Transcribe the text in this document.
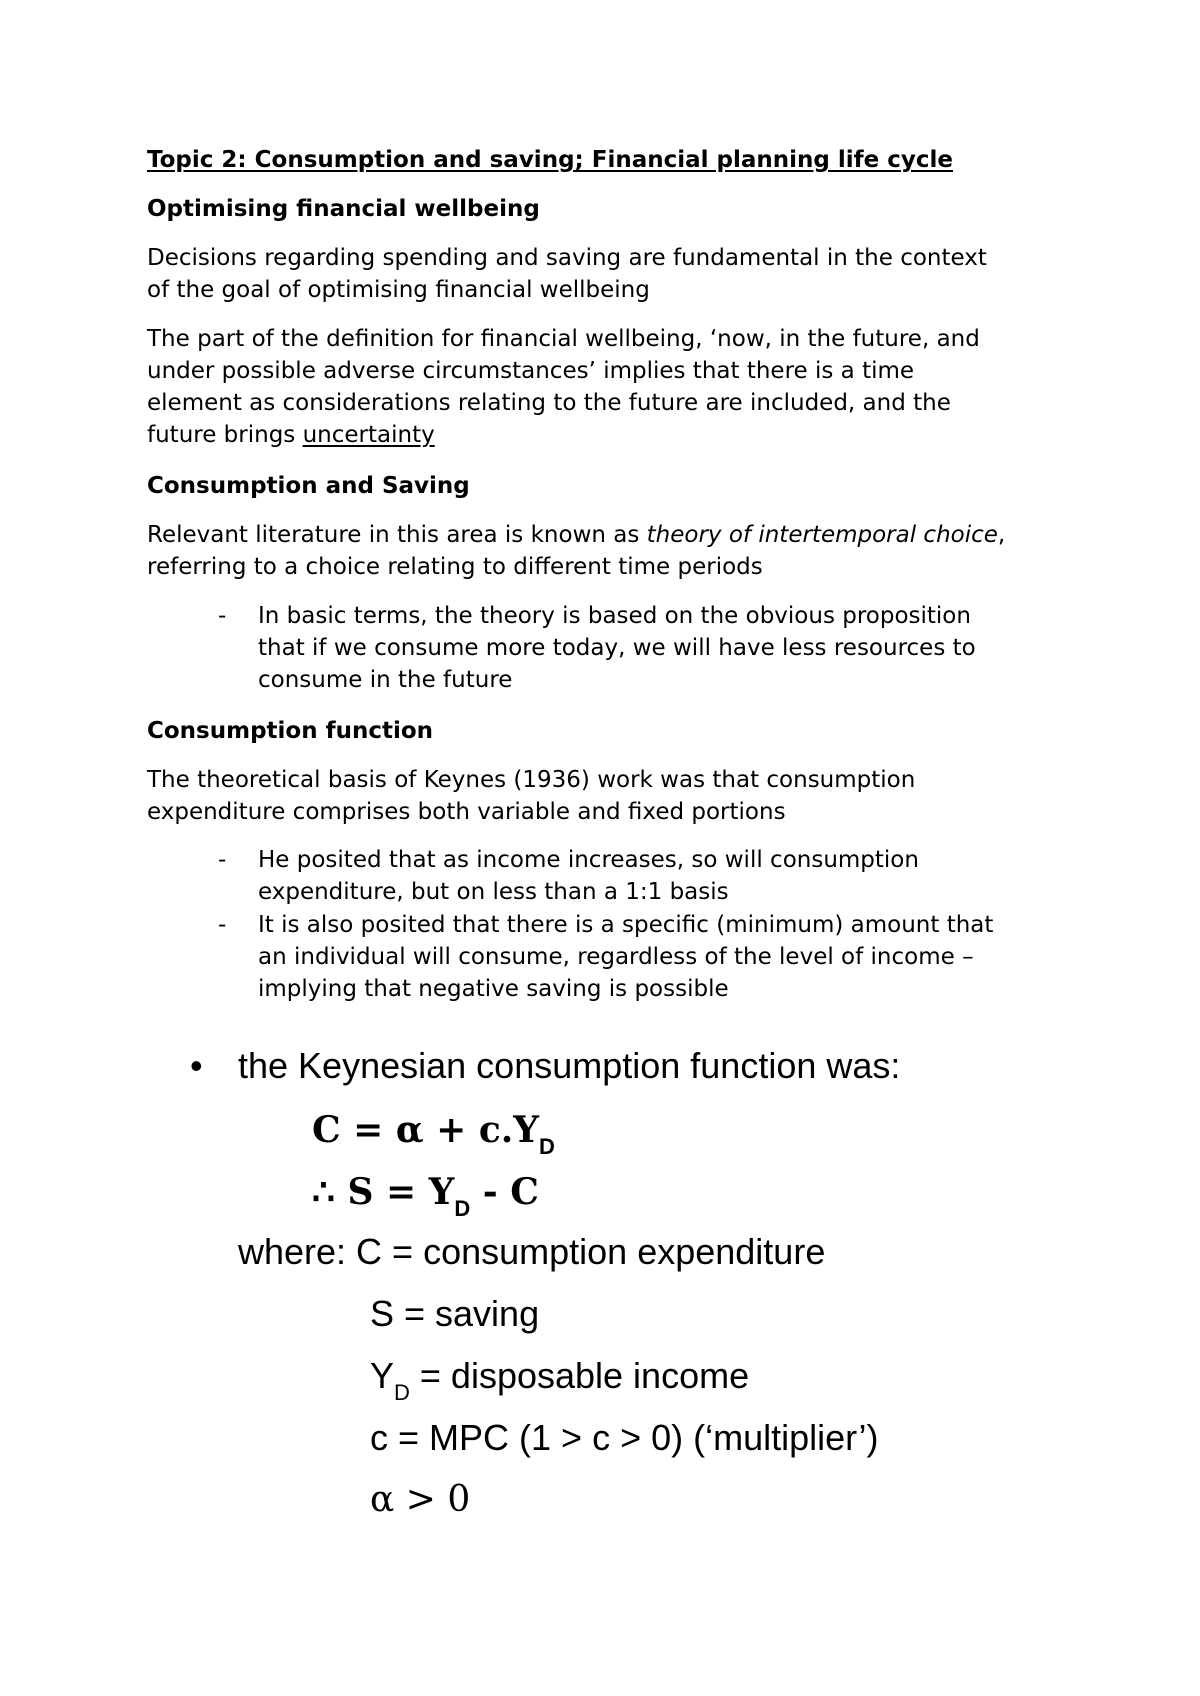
Topic 2: Consumption and saving; Financial planning life cycle
Optimising financial wellbeing
Decisions regarding spending and saving are fundamental in the context
of the goal of optimising financial wellbeing
The part of the definition for financial wellbeing, ‘now, in the future, and
under possible adverse circumstances’ implies that there is a time
element as considerations relating to the future are included, and the
future brings uncertainty
Consumption and Saving
Relevant literature in this area is known as theory of intertemporal choice,
referring to a choice relating to different time periods
- In basic terms, the theory is based on the obvious proposition
that if we consume more today, we will have less resources to
consume in the future
Consumption function
The theoretical basis of Keynes (1936) work was that consumption
expenditure comprises both variable and fixed portions
- He posited that as income increases, so will consumption
expenditure, but on less than a 1:1 basis
- It is also posited that there is a specific (minimum) amount that
an individual will consume, regardless of the level of income –
implying that negative saving is possible
• the Keynesian consumption function was:
$C = \alpha + c.Y_D$
∴ $S = Y_D - C$
where: C = consumption expenditure
S = saving
$Y_D$ = disposable income
c = MPC (1 > c > 0) (‘multiplier’)
α > 0
